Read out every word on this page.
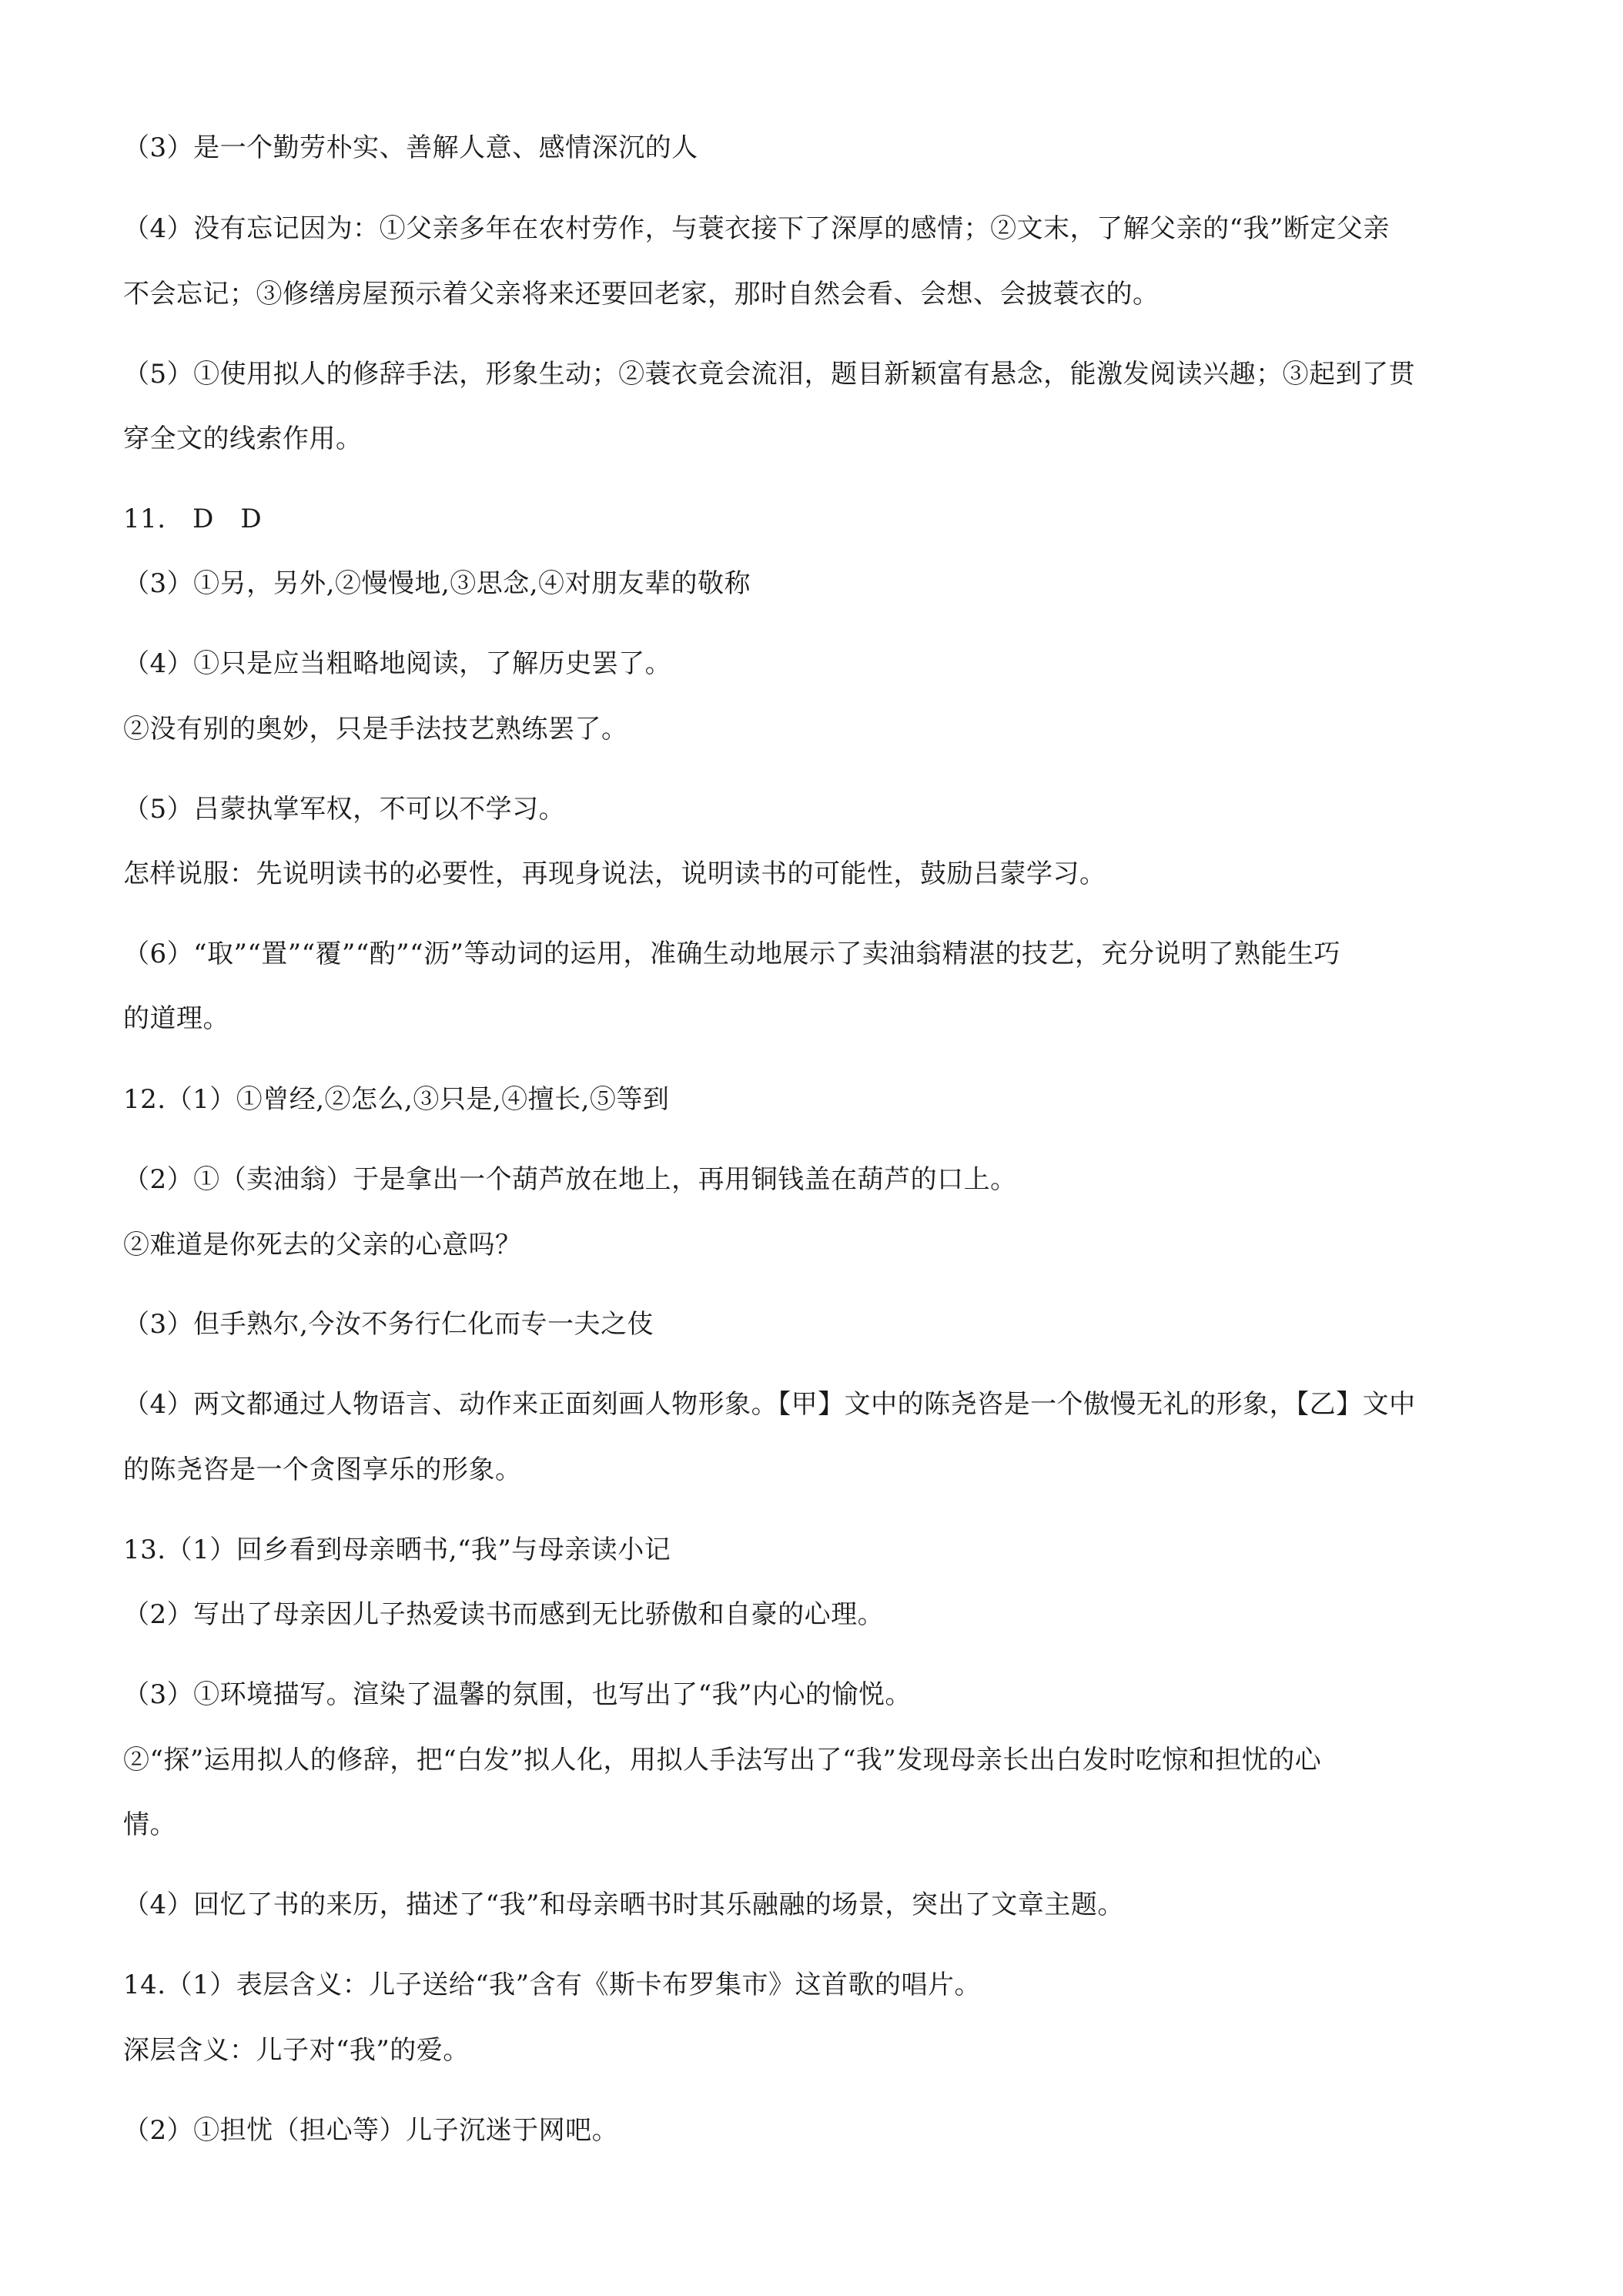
（3）是一个勤劳朴实、善解人意、感情深沉的人
（4）没有忘记因为：①父亲多年在农村劳作，与蓑衣接下了深厚的感情；②文末，了解父亲的“我”断定父亲
不会忘记；③修缮房屋预示着父亲将来还要回老家，那时自然会看、会想、会披蓑衣的。
（5）①使用拟人的修辞手法，形象生动；②蓑衣竟会流泪，题目新颖富有悬念，能激发阅读兴趣；③起到了贯
穿全文的线索作用。
11.　D　D
（3）①另，另外,②慢慢地,③思念,④对朋友辈的敬称
（4）①只是应当粗略地阅读，了解历史罢了。
②没有别的奥妙，只是手法技艺熟练罢了。
（5）吕蒙执掌军权，不可以不学习。
怎样说服：先说明读书的必要性，再现身说法，说明读书的可能性，鼓励吕蒙学习。
（6）“取”“置”“覆”“酌”“沥”等动词的运用，准确生动地展示了卖油翁精湛的技艺，充分说明了熟能生巧
的道理。
12.（1）①曾经,②怎么,③只是,④擅长,⑤等到
（2）①（卖油翁）于是拿出一个葫芦放在地上，再用铜钱盖在葫芦的口上。
②难道是你死去的父亲的心意吗？
（3）但手熟尔,今汝不务行仁化而专一夫之伎
（4）两文都通过人物语言、动作来正面刻画人物形象。【甲】文中的陈尧咨是一个傲慢无礼的形象，【乙】文中
的陈尧咨是一个贪图享乐的形象。
13.（1）回乡看到母亲晒书,“我”与母亲读小记
（2）写出了母亲因儿子热爱读书而感到无比骄傲和自豪的心理。
（3）①环境描写。渲染了温馨的氛围，也写出了“我”内心的愉悦。
②“探”运用拟人的修辞，把“白发”拟人化，用拟人手法写出了“我”发现母亲长出白发时吃惊和担忧的心
情。
（4）回忆了书的来历，描述了“我”和母亲晒书时其乐融融的场景，突出了文章主题。
14.（1）表层含义：儿子送给“我”含有《斯卡布罗集市》这首歌的唱片。
深层含义：儿子对“我”的爱。
（2）①担忧（担心等）儿子沉迷于网吧。
